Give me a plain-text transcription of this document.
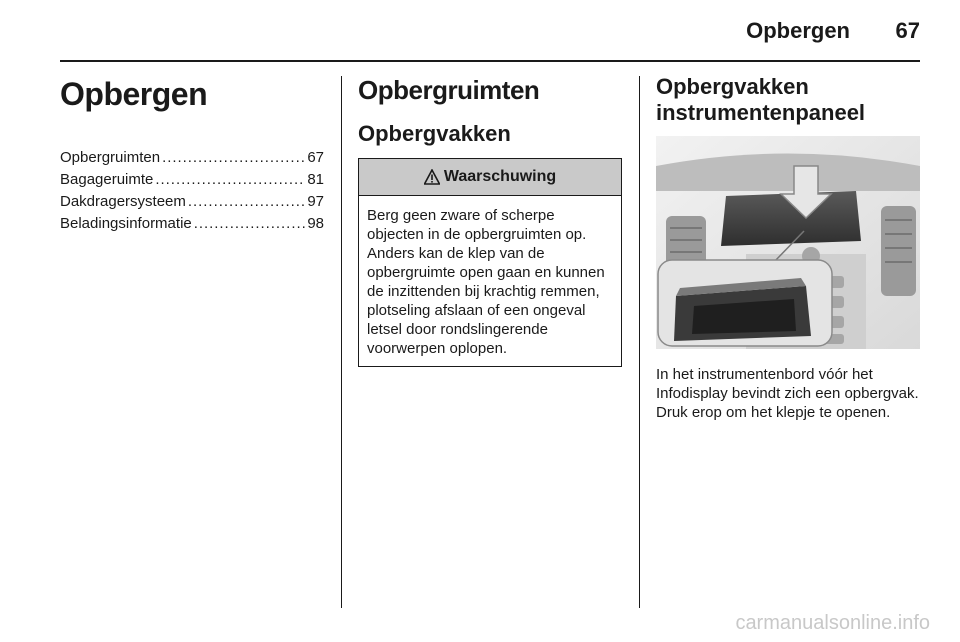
Opbergen	67
Opbergen
Opbergruimten . . .	67
Bagageruimte . . .	81
Dakdragersysteem . . .	97
Beladingsinformatie . . .	98
Opbergruimten
Opbergvakken
Waarschuwing

Berg geen zware of scherpe objecten in de opbergruimten op. Anders kan de klep van de opbergruimte open gaan en kunnen de inzittenden bij krachtig remmen, plotseling afslaan of een ongeval letsel door rondslingerende voorwerpen oplopen.

Opbergvakken instrumentenpaneel

In het instrumentenbord vóór het Infodisplay bevindt zich een opbergvak. Druk erop om het klepje te openen.

carmanualsonline.info
